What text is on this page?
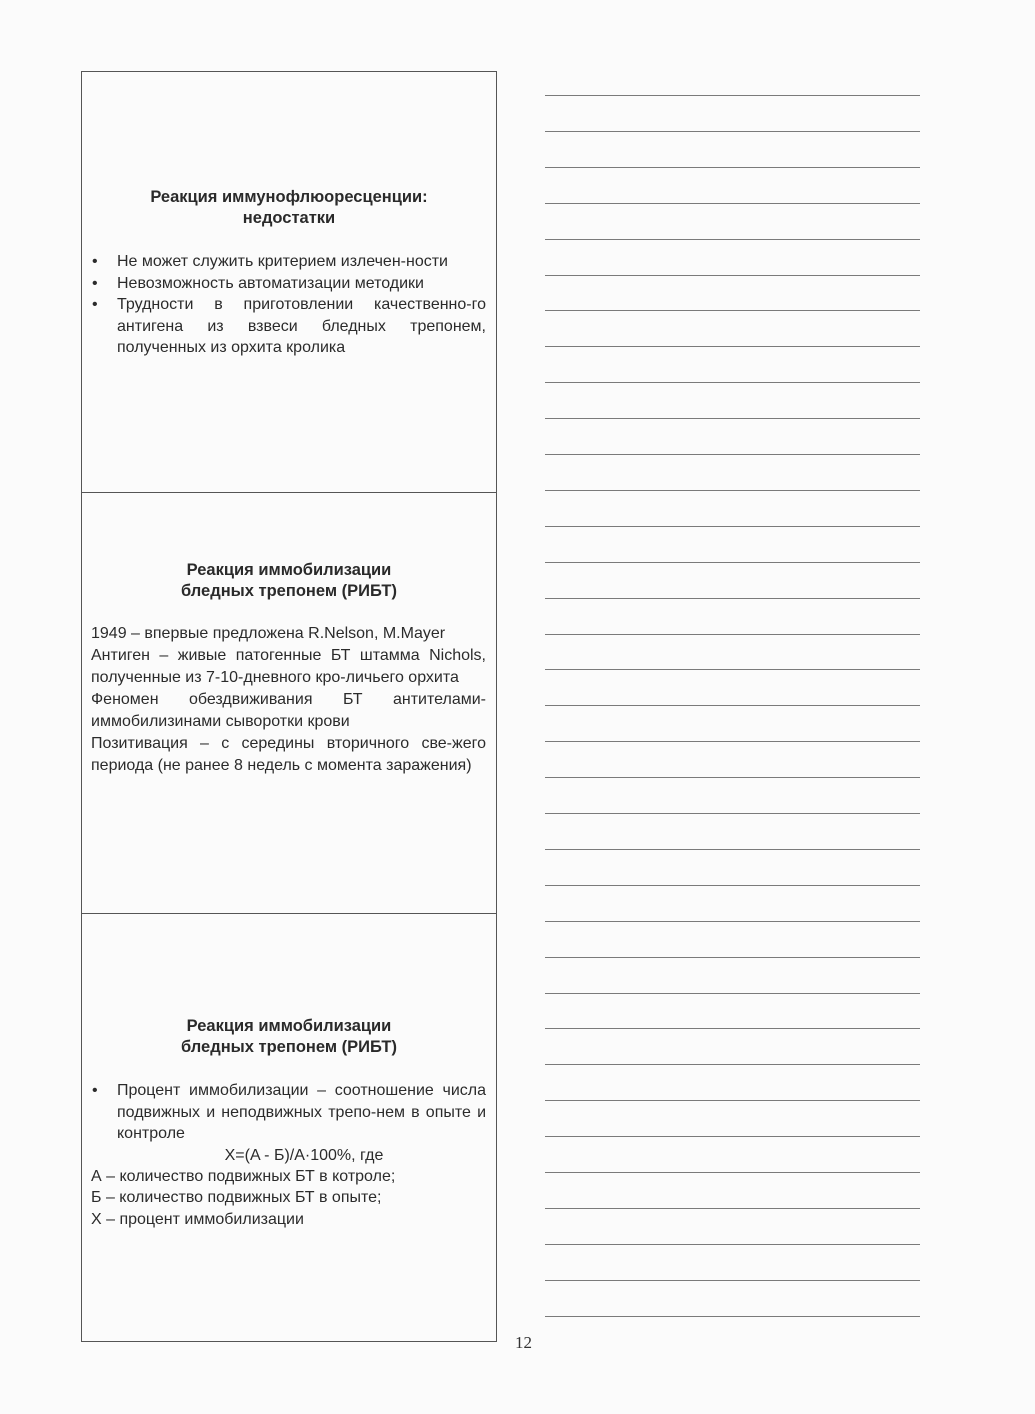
Реакция иммунофлюоресценции:
недостатки
• Не может служить критерием излечен-ности
• Невозможность автоматизации методики
• Трудности в приготовлении качественно-го антигена из взвеси бледных трепонем, полученных из орхита кролика
Реакция иммобилизации
бледных трепонем (РИБТ)

1949 – впервые предложена R.Nelson, M.Mayer

Антиген – живые патогенные БТ штамма Nichols, полученные из 7-10-дневного кро-личьего орхита

Феномен обездвиживания БТ антителами-иммобилизинами сыворотки крови

Позитивация – с середины вторичного све-жего периода (не ранее 8 недель с момента заражения)

Реакция иммобилизации
бледных трепонем (РИБТ)
• Процент иммобилизации – соотношение числа подвижных и неподвижных трепо-нем в опыте и контроле
X=(A - Б)/A·100%, где

А – количество подвижных БТ в котроле;

Б – количество подвижных БТ в опыте;

Х – процент иммобилизации

12
